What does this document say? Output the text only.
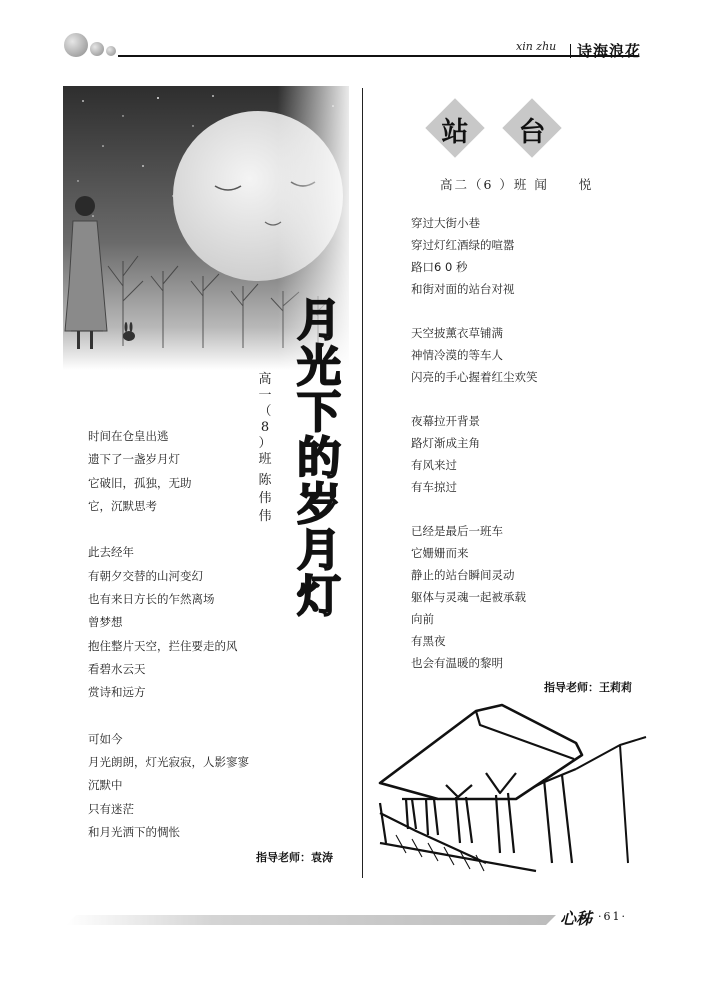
xin zhu 诗海浪花
月
光
下
的
岁
月
灯
高
一
（
8
）
班
陈
伟
伟
时间在仓皇出逃
遗下了一盏岁月灯
它破旧，孤独，无助
它，沉默思考
此去经年
有朝夕交替的山河变幻
也有来日方长的乍然离场
曾梦想
抱住整片天空，拦住要走的风
看碧水云天
赏诗和远方
可如今
月光朗朗，灯光寂寂，人影寥寥
沉默中
只有迷茫
和月光洒下的惆怅
指导老师：袁涛
站	台
高二（6 ）班 闻     悦
穿过大街小巷
穿过灯红酒绿的喧嚣
路口6 0 秒
和街对面的站台对视
天空披薰衣草铺满
神情冷漠的等车人
闪亮的手心握着红尘欢笑
夜幕拉开背景
路灯渐成主角
有风来过
有车掠过
已经是最后一班车
它姗姗而来
静止的站台瞬间灵动
躯体与灵魂一起被承载
向前
有黑夜
也会有温暖的黎明
指导老师：王莉莉
心秭 ·61·
